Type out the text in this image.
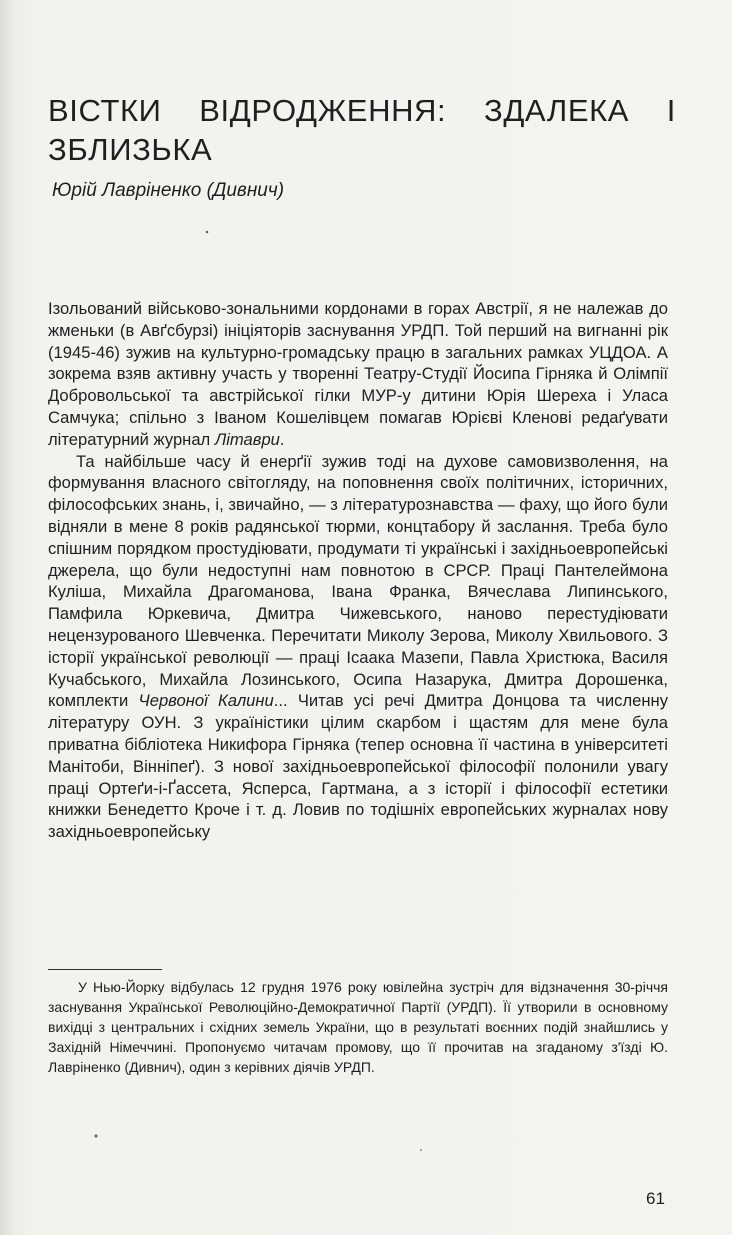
ВІСТКИ ВІДРОДЖЕННЯ: ЗДАЛЕКА І ЗБЛИЗЬКА

Юрій Лавріненко (Дивнич)

Ізольований військово-зональними кордонами в горах Австрії, я не належав до жменьки (в Авґсбурзі) ініціяторів заснування УРДП. Той перший на вигнанні рік (1945-46) зужив на культурно-громадську працю в загальних рамках УЦДОА. А зокрема взяв активну участь у творенні Театру-Студії Йосипа Гірняка й Олімпії Добровольської та австрійської гілки МУР-у дитини Юрія Шереха і Уласа Самчука; спільно з Іваном Кошелівцем помагав Юрієві Кленові редаґувати літературний журнал Літаври.

Та найбільше часу й енерґії зужив тоді на духове самовизволення, на формування власного світогляду, на поповнення своїх політичних, історичних, філософських знань, і, звичайно, — з літературознавства — фаху, що його були відняли в мене 8 років радянської тюрми, концтабору й заслання. Треба було спішним порядком простудіювати, продумати ті українські і західньоевропейські джерела, що були недоступні нам повнотою в СРСР. Праці Пантелеймона Куліша, Михайла Драгоманова, Івана Франка, Вячеслава Липинського, Памфила Юркевича, Дмитра Чижевського, наново перестудіювати нецензурованого Шевченка. Перечитати Миколу Зерова, Миколу Хвильового. З історії української революції — праці Ісаака Мазепи, Павла Христюка, Василя Кучабського, Михайла Лозинського, Осипа Назарука, Дмитра Дорошенка, комплекти Червоної Калини... Читав усі речі Дмитра Донцова та численну літературу ОУН. З україністики цілим скарбом і щастям для мене була приватна бібліотека Никифора Гірняка (тепер основна її частина в університеті Манітоби, Вінніпеґ). З нової західньоевропейської філософії полонили увагу праці Ортеґи-і-Ґассета, Ясперса, Гартмана, а з історії і філософії естетики книжки Бенедетто Кроче і т. д. Ловив по тодішніх европейських журналах нову західньоевропейську

У Нью-Йорку відбулась 12 грудня 1976 року ювілейна зустріч для відзначення 30-річчя заснування Української Революційно-Демократичної Партії (УРДП). Її утворили в основному вихідці з центральних і східних земель України, що в результаті воєнних подій знайшлись у Західній Німеччині. Пропонуємо читачам промову, що її прочитав на згаданому з'їзді Ю. Лавріненко (Дивнич), один з керівних діячів УРДП.

61
